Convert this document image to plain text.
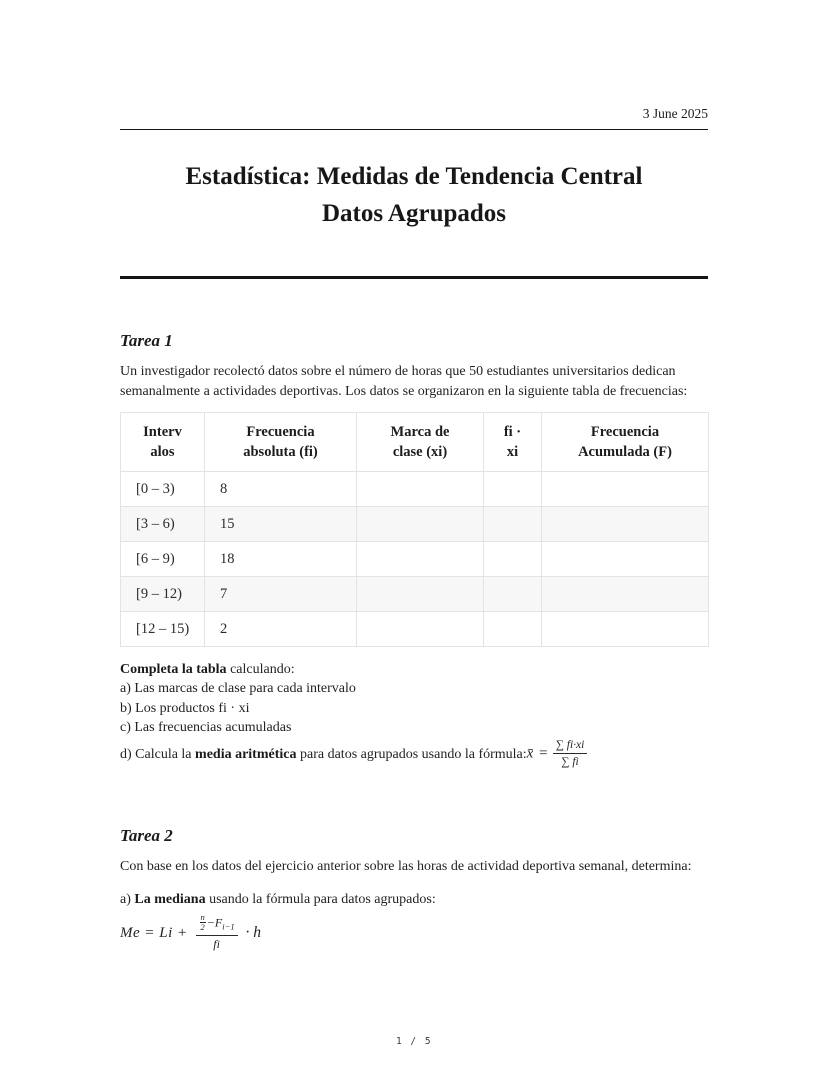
3 June 2025
Estadística: Medidas de Tendencia Central
Datos Agrupados
Tarea 1

Un investigador recolectó datos sobre el número de horas que 50 estudiantes universitarios dedican semanalmente a actividades deportivas. Los datos se organizaron en la siguiente tabla de frecuencias:

Intervalos	Frecuencia absoluta (fi)	Marca de clase (xi)	fi · xi	Frecuencia Acumulada (F)
[0 – 3)	8			
[3 – 6)	15			
[6 – 9)	18			
[9 – 12)	7			
[12 – 15)	2			
Completa la tabla calculando:
a) Las marcas de clase para cada intervalo
b) Los productos fi · xi
c) Las frecuencias acumuladas
d) Calcula la
media aritmética
para datos agrupados usando la fórmula: x̄ = $\frac{\sum fi\cdot xi}{\sum fi}$
Tarea 2

Con base en los datos del ejercicio anterior sobre las horas de actividad deportiva semanal, determina:

a) La mediana usando la fórmula para datos agrupados:
$Me = Li + \frac{\frac{n}{2} -F_{i-1}}{fi} \cdot h$
1 / 5
